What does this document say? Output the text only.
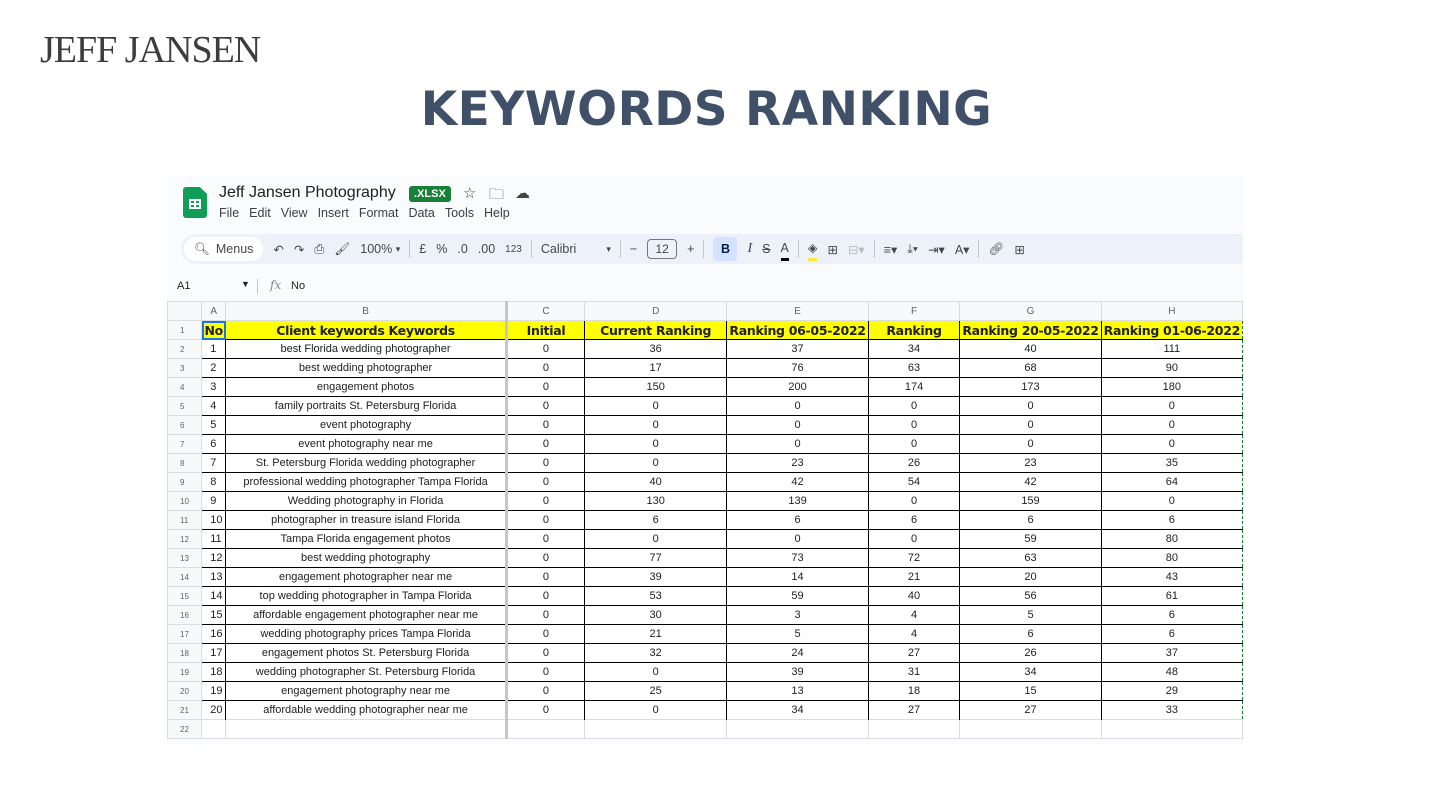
JEFF JANSEN
KEYWORDS RANKING
Jeff Jansen Photography	.XLSX	☆ 🗀 ☁
File Edit View Insert Format Data Tools Help
🔍︎ Menus ↶ ↷ ⎙ 🖌︎ 100%
▾ £ % .0 .00 123 Calibri	▾ −	12	+	B	I S A ◈ ⊞ ⊟▾ ≡▾ ⤓▾ ⇥▾ A▾ 🔗︎ ⊞
A1	▼ fx No
	A	B	C	D	E	F	G	H
1	No	Client keywords Keywords	Initial	Current Ranking	Ranking 06-05-2022	Ranking	Ranking 20-05-2022	Ranking 01-06-2022
2	1	best Florida wedding photographer	0	36	37	34	40	111
3	2	best wedding photographer	0	17	76	63	68	90
4	3	engagement photos	0	150	200	174	173	180
5	4	family portraits St. Petersburg Florida	0	0	0	0	0	0
6	5	event photography	0	0	0	0	0	0
7	6	event photography near me	0	0	0	0	0	0
8	7	St. Petersburg Florida wedding photographer	0	0	23	26	23	35
9	8	professional wedding photographer Tampa Florida	0	40	42	54	42	64
10	9	Wedding photography in Florida	0	130	139	0	159	0
11	10	photographer in treasure island Florida	0	6	6	6	6	6
12	11	Tampa Florida engagement photos	0	0	0	0	59	80
13	12	best wedding photography	0	77	73	72	63	80
14	13	engagement photographer near me	0	39	14	21	20	43
15	14	top wedding photographer in Tampa Florida	0	53	59	40	56	61
16	15	affordable engagement photographer near me	0	30	3	4	5	6
17	16	wedding photography prices Tampa Florida	0	21	5	4	6	6
18	17	engagement photos St. Petersburg Florida	0	32	24	27	26	37
19	18	wedding photographer St. Petersburg Florida	0	0	39	31	34	48
20	19	engagement photography near me	0	25	13	18	15	29
21	20	affordable wedding photographer near me	0	0	34	27	27	33
22								
